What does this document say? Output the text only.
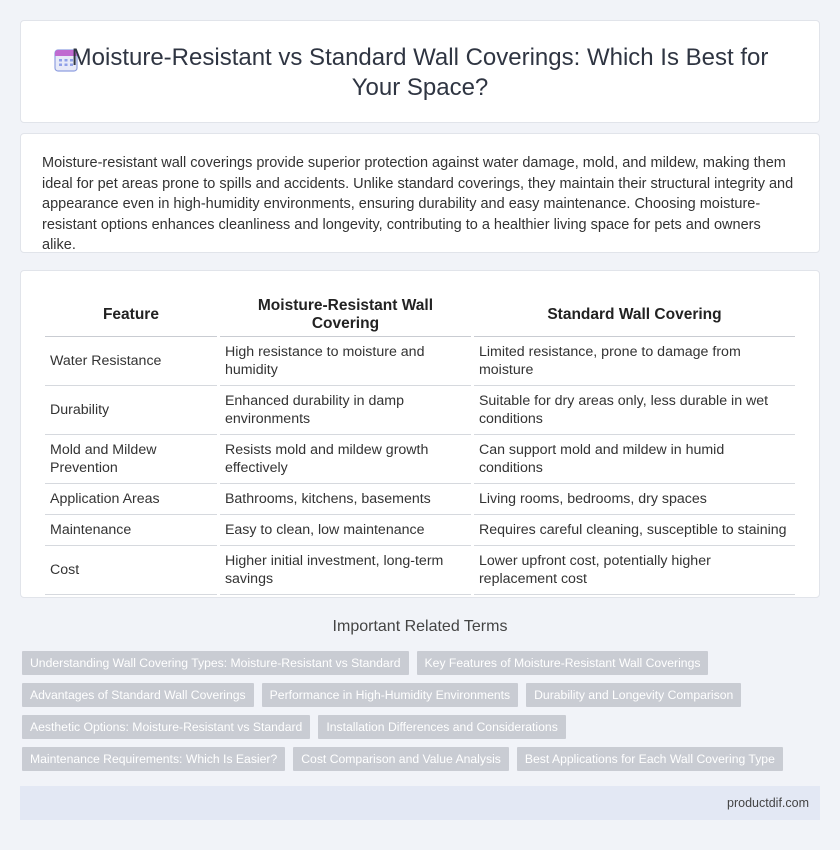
Moisture-Resistant vs Standard Wall Coverings: Which Is Best for Your Space?

Moisture-resistant wall coverings provide superior protection against water damage, mold, and mildew, making them ideal for pet areas prone to spills and accidents. Unlike standard coverings, they maintain their structural integrity and appearance even in high-humidity environments, ensuring durability and easy maintenance. Choosing moisture-resistant options enhances cleanliness and longevity, contributing to a healthier living space for pets and owners alike.

Feature	Moisture-Resistant Wall Covering	Standard Wall Covering
Water Resistance	High resistance to moisture and humidity	Limited resistance, prone to damage from moisture
Durability	Enhanced durability in damp environments	Suitable for dry areas only, less durable in wet conditions
Mold and Mildew Prevention	Resists mold and mildew growth effectively	Can support mold and mildew in humid conditions
Application Areas	Bathrooms, kitchens, basements	Living rooms, bedrooms, dry spaces
Maintenance	Easy to clean, low maintenance	Requires careful cleaning, susceptible to staining
Cost	Higher initial investment, long-term savings	Lower upfront cost, potentially higher replacement cost
Important Related Terms
Understanding Wall Covering Types: Moisture-Resistant vs Standard	Key Features of Moisture-Resistant Wall Coverings
Advantages of Standard Wall Coverings	Performance in High-Humidity Environments	Durability and Longevity Comparison
Aesthetic Options: Moisture-Resistant vs Standard	Installation Differences and Considerations
Maintenance Requirements: Which Is Easier?	Cost Comparison and Value Analysis	Best Applications for Each Wall Covering Type
productdif.com
